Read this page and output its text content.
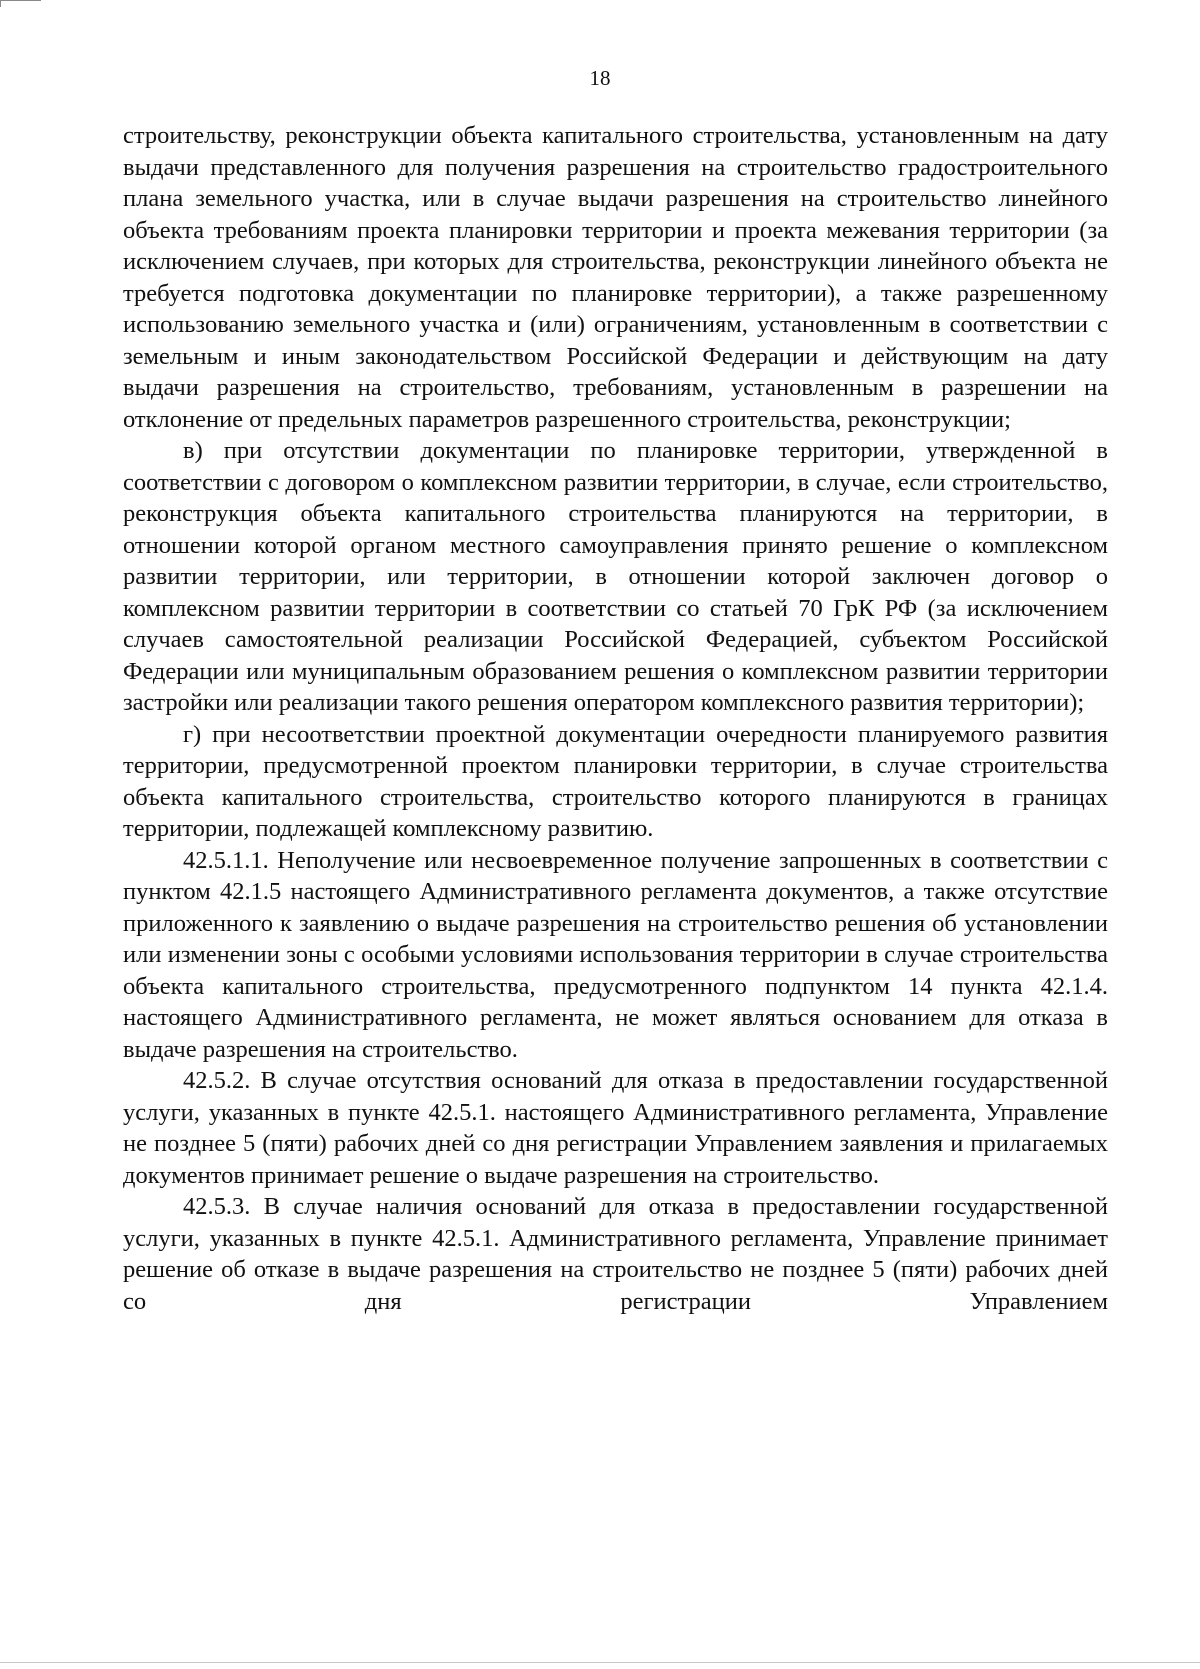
18

строительству, реконструкции объекта капитального строительства, установленным на дату выдачи представленного для получения разрешения на строительство градостроительного плана земельного участка, или в случае выдачи разрешения на строительство линейного объекта требованиям проекта планировки территории и проекта межевания территории (за исключением случаев, при которых для строительства, реконструкции линейного объекта не требуется подготовка документации по планировке территории), а также разрешенному использованию земельного участка и (или) ограничениям, установленным в соответствии с земельным и иным законодательством Российской Федерации и действующим на дату выдачи разрешения на строительство, требованиям, установленным в разрешении на отклонение от предельных параметров разрешенного строительства, реконструкции;

в) при отсутствии документации по планировке территории, утвержденной в соответствии с договором о комплексном развитии территории, в случае, если строительство, реконструкция объекта капитального строительства планируются на территории, в отношении которой органом местного самоуправления принято решение о комплексном развитии территории, или территории, в отношении которой заключен договор о комплексном развитии территории в соответствии со статьей 70 ГрК РФ (за исключением случаев самостоятельной реализации Российской Федерацией, субъектом Российской Федерации или муниципальным образованием решения о комплексном развитии территории застройки или реализации такого решения оператором комплексного развития территории);

г) при несоответствии проектной документации очередности планируемого развития территории, предусмотренной проектом планировки территории, в случае строительства объекта капитального строительства, строительство которого планируются в границах территории, подлежащей комплексному развитию.

42.5.1.1. Неполучение или несвоевременное получение запрошенных в соответствии с пунктом 42.1.5 настоящего Административного регламента документов, а также отсутствие приложенного к заявлению о выдаче разрешения на строительство решения об установлении или изменении зоны с особыми условиями использования территории в случае строительства объекта капитального строительства, предусмотренного подпунктом 14 пункта 42.1.4. настоящего Административного регламента, не может являться основанием для отказа в выдаче разрешения на строительство.

42.5.2. В случае отсутствия оснований для отказа в предоставлении государственной услуги, указанных в пункте 42.5.1. настоящего Административного регламента, Управление не позднее 5 (пяти) рабочих дней со дня регистрации Управлением заявления и прилагаемых документов принимает решение о выдаче разрешения на строительство.

42.5.3. В случае наличия оснований для отказа в предоставлении государственной услуги, указанных в пункте 42.5.1. Административного регламента, Управление принимает решение об отказе в выдаче разрешения на строительство не позднее 5 (пяти) рабочих дней со дня регистрации Управлением
